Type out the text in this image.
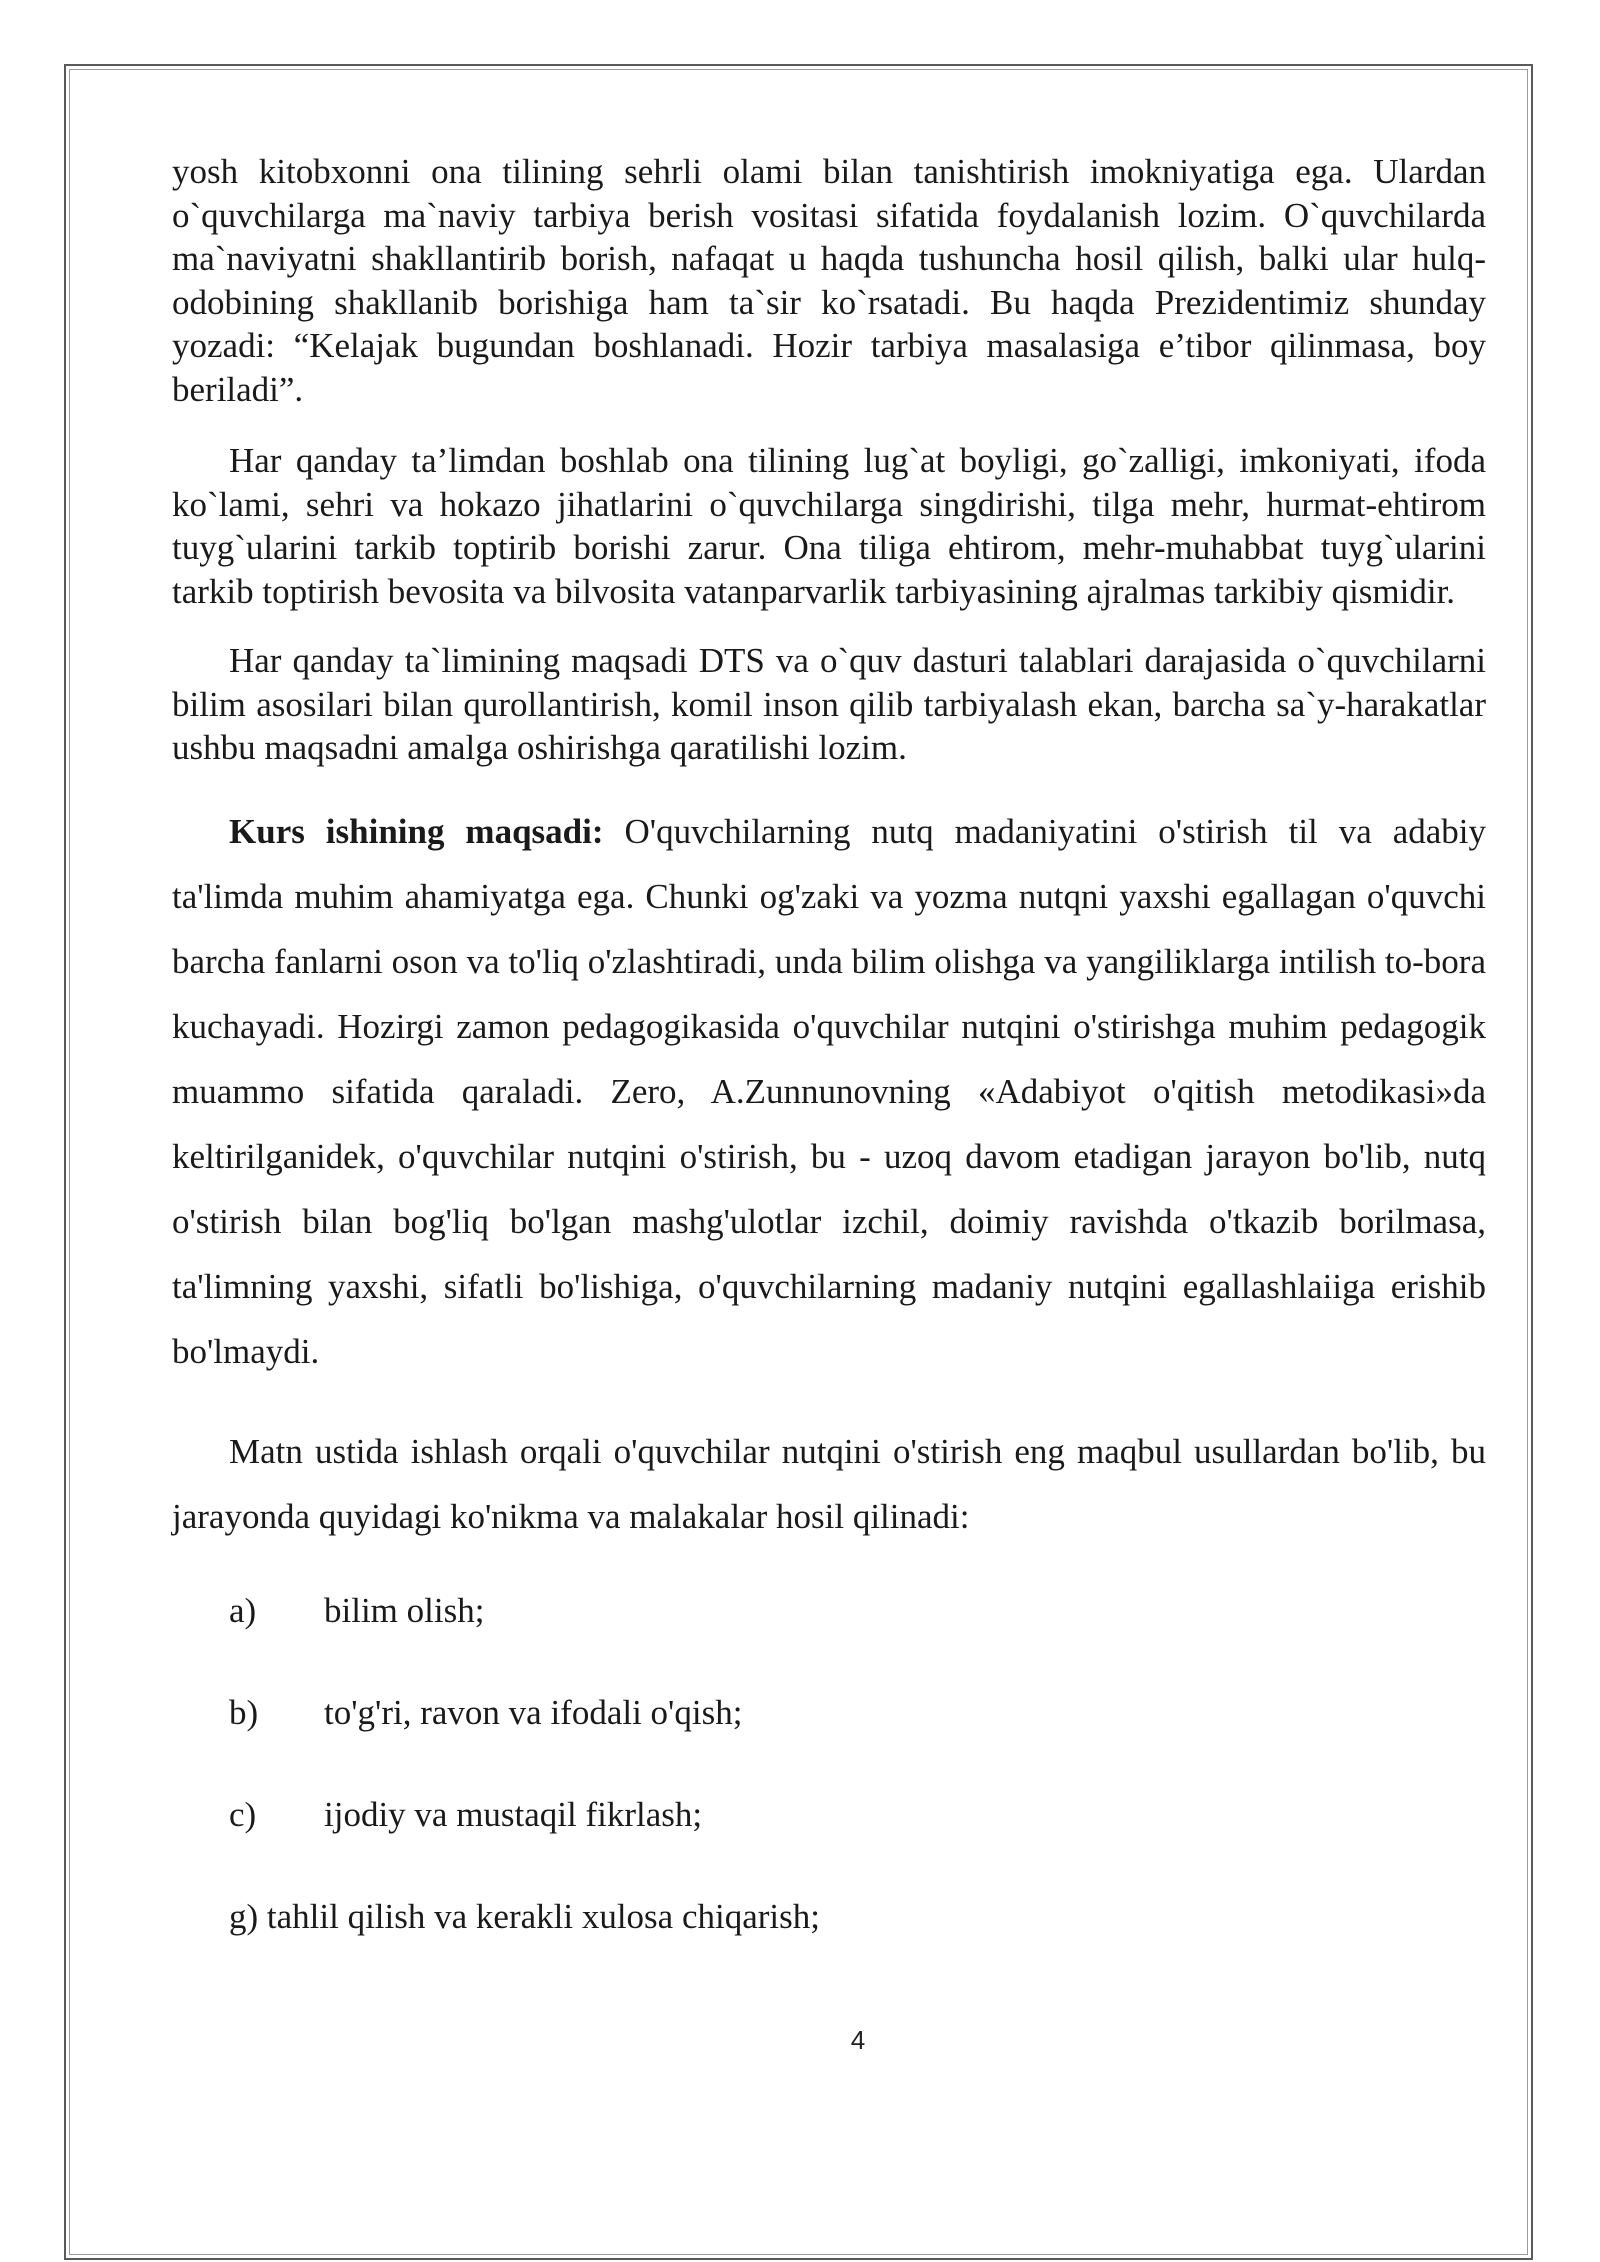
yosh kitobxonni ona tilining sehrli olami bilan tanishtirish imokniyatiga ega. Ulardan o`quvchilarga ma`naviy tarbiya berish vositasi sifatida foydalanish lozim. O`quvchilarda ma`naviyatni shakllantirib borish, nafaqat u haqda tushuncha hosil qilish, balki ular hulq-odobining shakllanib borishiga ham ta`sir ko`rsatadi. Bu haqda Prezidentimiz shunday yozadi: “Kelajak bugundan boshlanadi. Hozir tarbiya masalasiga e’tibor qilinmasa, boy beriladi”.

Har qanday ta’limdan boshlab ona tilining lug`at boyligi, go`zalligi, imkoniyati, ifoda ko`lami, sehri va hokazo jihatlarini o`quvchilarga singdirishi, tilga mehr, hurmat-ehtirom tuyg`ularini tarkib toptirib borishi zarur. Ona tiliga ehtirom, mehr-muhabbat tuyg`ularini tarkib toptirish bevosita va bilvosita vatanparvarlik tarbiyasining ajralmas tarkibiy qismidir.

Har qanday ta`limining maqsadi DTS va o`quv dasturi talablari darajasida o`quvchilarni bilim asosilari bilan qurollantirish, komil inson qilib tarbiyalash ekan, barcha sa`y-harakatlar ushbu maqsadni amalga oshirishga qaratilishi lozim.

Kurs ishining maqsadi: O'quvchilarning nutq madaniyatini o'stirish til va adabiy ta'limda muhim ahamiyatga ega. Chunki og'zaki va yozma nutqni yaxshi egallagan o'quvchi barcha fanlarni oson va to'liq o'zlashtiradi, unda bilim olishga va yangiliklarga intilish to-bora kuchayadi. Hozirgi zamon pedagogikasida o'quvchilar nutqini o'stirishga muhim pedagogik muammo sifatida qaraladi. Zero, A.Zunnunovning «Adabiyot o'qitish metodikasi»da keltirilganidek, o'quvchilar nutqini o'stirish, bu - uzoq davom etadigan jarayon bo'lib, nutq o'stirish bilan bog'liq bo'lgan mashg'ulotlar izchil, doimiy ravishda o'tkazib borilmasa, ta'limning yaxshi, sifatli bo'lishiga, o'quvchilarning madaniy nutqini egallashlaiiga erishib bo'lmaydi.

Matn ustida ishlash orqali o'quvchilar nutqini o'stirish eng maqbul usullardan bo'lib, bu jarayonda quyidagi ko'nikma va malakalar hosil qilinadi:

a)	bilim olish;
b)	to'g'ri, ravon va ifodali o'qish;
c)	ijodiy va mustaqil fikrlash;
g) tahlil qilish va kerakli xulosa chiqarish;
4
